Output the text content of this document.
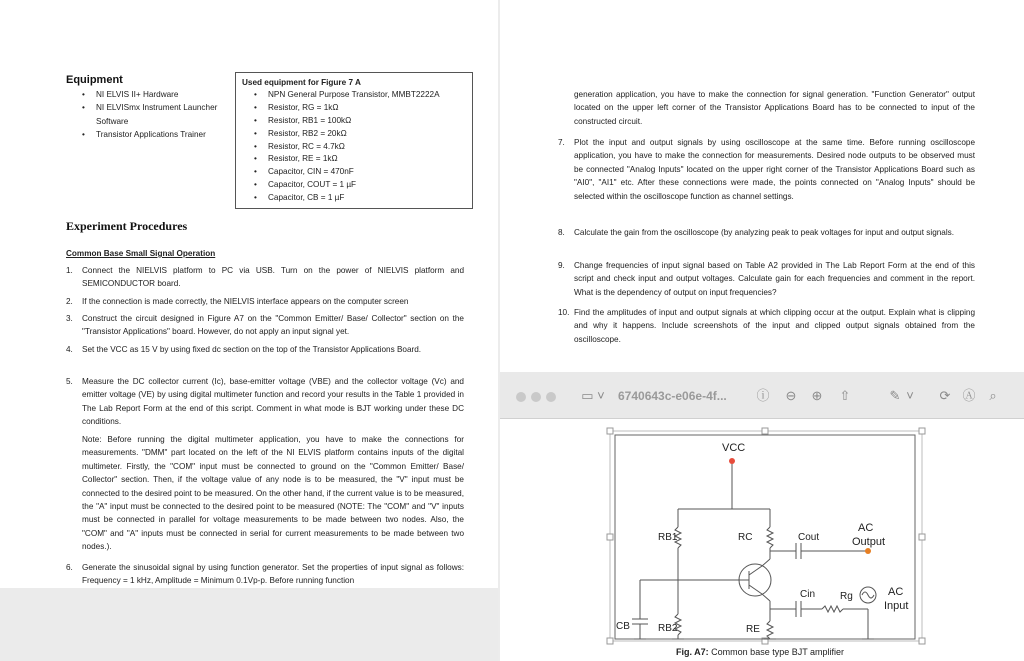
Equipment
• NI ELVIS II+ Hardware
• NI ELVISmx Instrument Launcher Software
• Transistor Applications Trainer
Used equipment for Figure 7 A
• NPN General Purpose Transistor, MMBT2222A
• Resistor, RG = 1kΩ
• Resistor, RB1 = 100kΩ
• Resistor, RB2 = 20kΩ
• Resistor, RC = 4.7kΩ
• Resistor, RE = 1kΩ
• Capacitor, CIN = 470nF
• Capacitor, COUT = 1 µF
• Capacitor, CB = 1 µF
Experiment Procedures
Common Base Small Signal Operation
1. Connect the NIELVIS platform to PC via USB. Turn on the power of NIELVIS platform and SEMICONDUCTOR board.
2. If the connection is made correctly, the NIELVIS interface appears on the computer screen
3. Construct the circuit designed in Figure A7 on the "Common Emitter/ Base/ Collector" section on the "Transistor Applications" board. However, do not apply an input signal yet.
4. Set the VCC as 15 V by using fixed dc section on the top of the Transistor Applications Board.
5. Measure the DC collector current (Ic), base-emitter voltage (VBE) and the collector voltage (Vc) and emitter voltage (VE) by using digital multimeter function and record your results in the Table 1 provided in The Lab Report Form at the end of this script. Comment in what mode is BJT working under these DC conditions.
Note: Before running the digital multimeter application, you have to make the connections for measurements. "DMM" part located on the left of the NI ELVIS platform contains inputs of the digital multimeter. Firstly, the "COM" input must be connected to ground on the "Common Emitter/ Base/ Collector" section. Then, if the voltage value of any node is to be measured, the "V" input must be connected to the desired point to be measured. On the other hand, if the current value is to be measured, the "A" input must be connected to the desired point to be measured (NOTE: The "COM" and "V" inputs must be connected in parallel for voltage measurements to be made between two nodes. Also, the "COM" and "A" inputs must be connected in serial for current measurements to be made between two nodes.).
6. Generate the sinusoidal signal by using function generator. Set the properties of input signal as follows: Frequency = 1 kHz, Amplitude = Minimum 0.1Vp-p. Before running function
generation application, you have to make the connection for signal generation. "Function Generator" output located on the upper left corner of the Transistor Applications Board has to be connected to input of the constructed circuit.
7. Plot the input and output signals by using oscilloscope at the same time. Before running oscilloscope application, you have to make the connection for measurements. Desired node outputs to be observed must be connected "Analog Inputs" located on the upper right corner of the Transistor Applications Board such as "AI0", "AI1" etc. After these connections were made, the points connected on "Analog Inputs" should be selected within the oscilloscope function as channel settings.
8. Calculate the gain from the oscilloscope (by analyzing peak to peak voltages for input and output signals.
9. Change frequencies of input signal based on Table A2 provided in The Lab Report Form at the end of this script and check input and output voltages. Calculate gain for each frequencies and comment in the report. What is the dependency of output on input frequencies?
10. Find the amplitudes of input and output signals at which clipping occur at the output. Explain what is clipping and why it happens. Include screenshots of the input and clipped output signals obtained from the oscilloscope.
▭ ˅ 6740643c-e06e-4f... ⓘ ⊖ ⊕ ⇧	✎ ˅ ⟳ Ⓐ	⌕
VCC
RB1	RC	Cout
AC
Output
Cin Rg
CB	RB2	RE
AC
Input
Fig. A7: Common base type BJT amplifier
